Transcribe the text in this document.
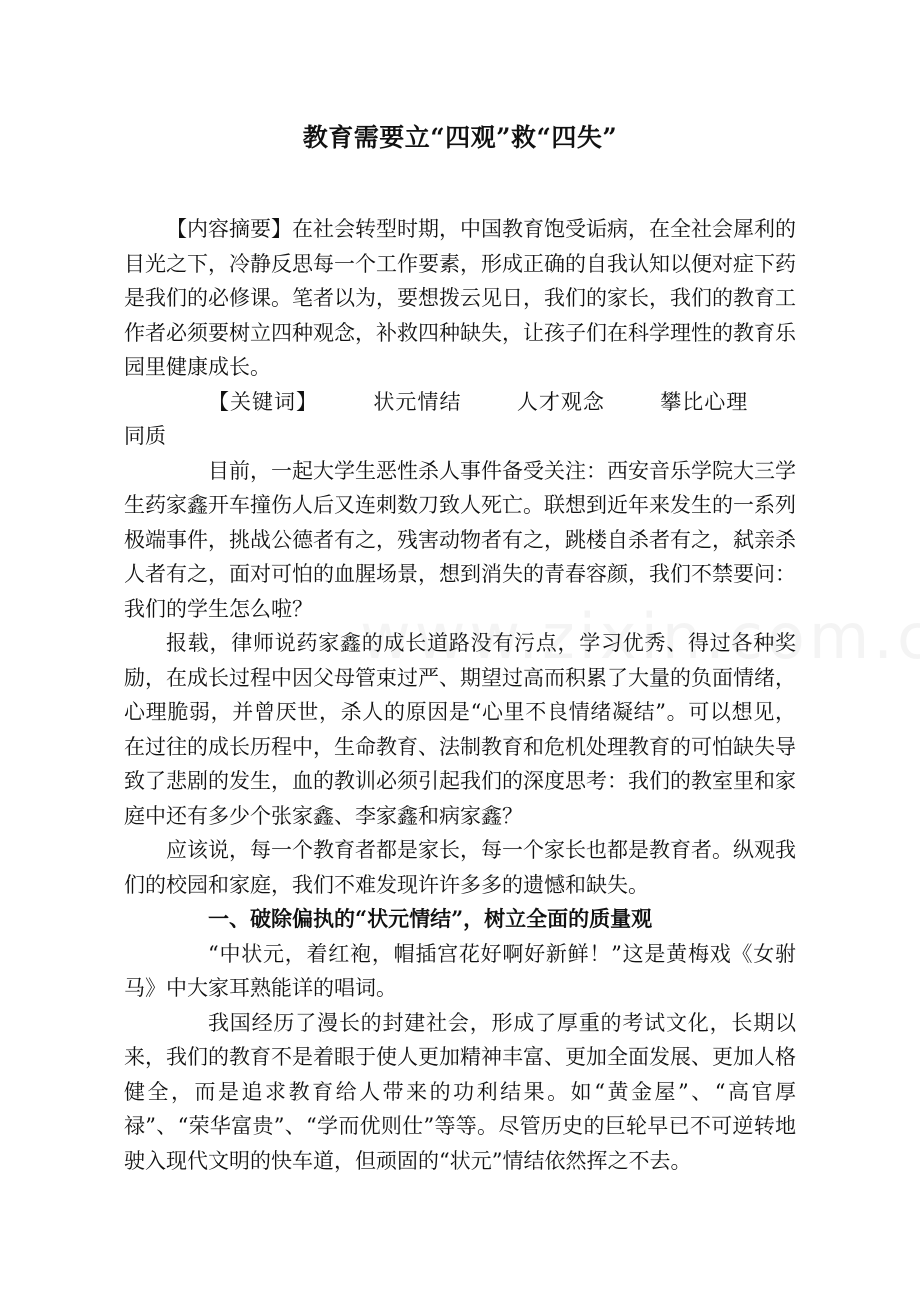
教育需要立“四观”救“四失”

【内容摘要】在社会转型时期，中国教育饱受诟病，在全社会犀利的目光之下，冷静反思每一个工作要素，形成正确的自我认知以便对症下药是我们的必修课。笔者以为，要想拨云见日，我们的家长，我们的教育工作者必须要树立四种观念，补救四种缺失，让孩子们在科学理性的教育乐园里健康成长。

【关键词】	状元情结	人才观念	攀比心理

同质

目前，一起大学生恶性杀人事件备受关注：西安音乐学院大三学生药家鑫开车撞伤人后又连刺数刀致人死亡。联想到近年来发生的一系列极端事件，挑战公德者有之，残害动物者有之，跳楼自杀者有之，弑亲杀人者有之，面对可怕的血腥场景，想到消失的青春容颜，我们不禁要问：我们的学生怎么啦？

报载，律师说药家鑫的成长道路没有污点，学习优秀、得过各种奖励，在成长过程中因父母管束过严、期望过高而积累了大量的负面情绪，心理脆弱，并曾厌世，杀人的原因是“心里不良情绪凝结”。可以想见，在过往的成长历程中，生命教育、法制教育和危机处理教育的可怕缺失导致了悲剧的发生，血的教训必须引起我们的深度思考：我们的教室里和家庭中还有多少个张家鑫、李家鑫和病家鑫？

应该说，每一个教育者都是家长，每一个家长也都是教育者。纵观我们的校园和家庭，我们不难发现许许多多的遗憾和缺失。

一、破除偏执的“状元情结”，树立全面的质量观

“中状元，着红袍，帽插宫花好啊好新鲜！”这是黄梅戏《女驸马》中大家耳熟能详的唱词。

我国经历了漫长的封建社会，形成了厚重的考试文化，长期以来，我们的教育不是着眼于使人更加精神丰富、更加全面发展、更加人格健全，而是追求教育给人带来的功利结果。如“黄金屋”、“高官厚禄”、“荣华富贵”、“学而优则仕”等等。尽管历史的巨轮早已不可逆转地驶入现代文明的快车道，但顽固的“状元”情结依然挥之不去。
